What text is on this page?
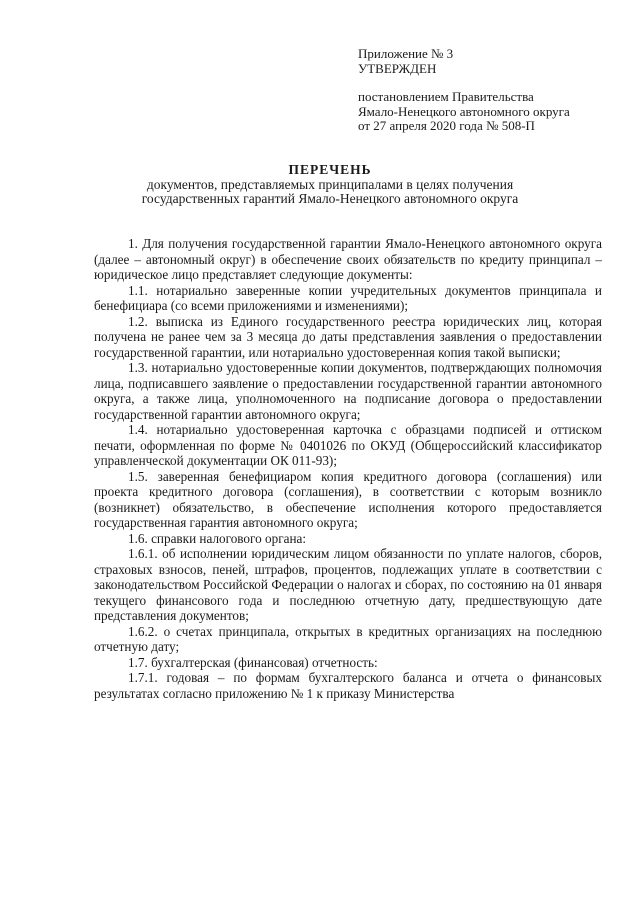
Приложение № 3
УТВЕРЖДЕН
постановлением Правительства
Ямало-Ненецкого автономного округа
от 27 апреля 2020 года № 508-П
ПЕРЕЧЕНЬ
документов, представляемых принципалами в целях получения
государственных гарантий Ямало-Ненецкого автономного округа

1. Для получения государственной гарантии Ямало-Ненецкого автономного округа (далее – автономный округ) в обеспечение своих обязательств по кредиту принципал – юридическое лицо представляет следующие документы:

1.1. нотариально заверенные копии учредительных документов принципала и бенефициара (со всеми приложениями и изменениями);

1.2. выписка из Единого государственного реестра юридических лиц, которая получена не ранее чем за 3 месяца до даты представления заявления о предоставлении государственной гарантии, или нотариально удостоверенная копия такой выписки;

1.3. нотариально удостоверенные копии документов, подтверждающих полномочия лица, подписавшего заявление о предоставлении государственной гарантии автономного округа, а также лица, уполномоченного на подписание договора о предоставлении государственной гарантии автономного округа;

1.4. нотариально удостоверенная карточка с образцами подписей и оттиском печати, оформленная по форме № 0401026 по ОКУД (Общероссийский классификатор управленческой документации ОК 011-93);

1.5. заверенная бенефициаром копия кредитного договора (соглашения) или проекта кредитного договора (соглашения), в соответствии с которым возникло (возникнет) обязательство, в обеспечение исполнения которого предоставляется государственная гарантия автономного округа;

1.6. справки налогового органа:

1.6.1. об исполнении юридическим лицом обязанности по уплате налогов, сборов, страховых взносов, пеней, штрафов, процентов, подлежащих уплате в соответствии с законодательством Российской Федерации о налогах и сборах, по состоянию на 01 января текущего финансового года и последнюю отчетную дату, предшествующую дате представления документов;

1.6.2. о счетах принципала, открытых в кредитных организациях на последнюю отчетную дату;

1.7. бухгалтерская (финансовая) отчетность:

1.7.1. годовая – по формам бухгалтерского баланса и отчета о финансовых результатах согласно приложению № 1 к приказу Министерства
